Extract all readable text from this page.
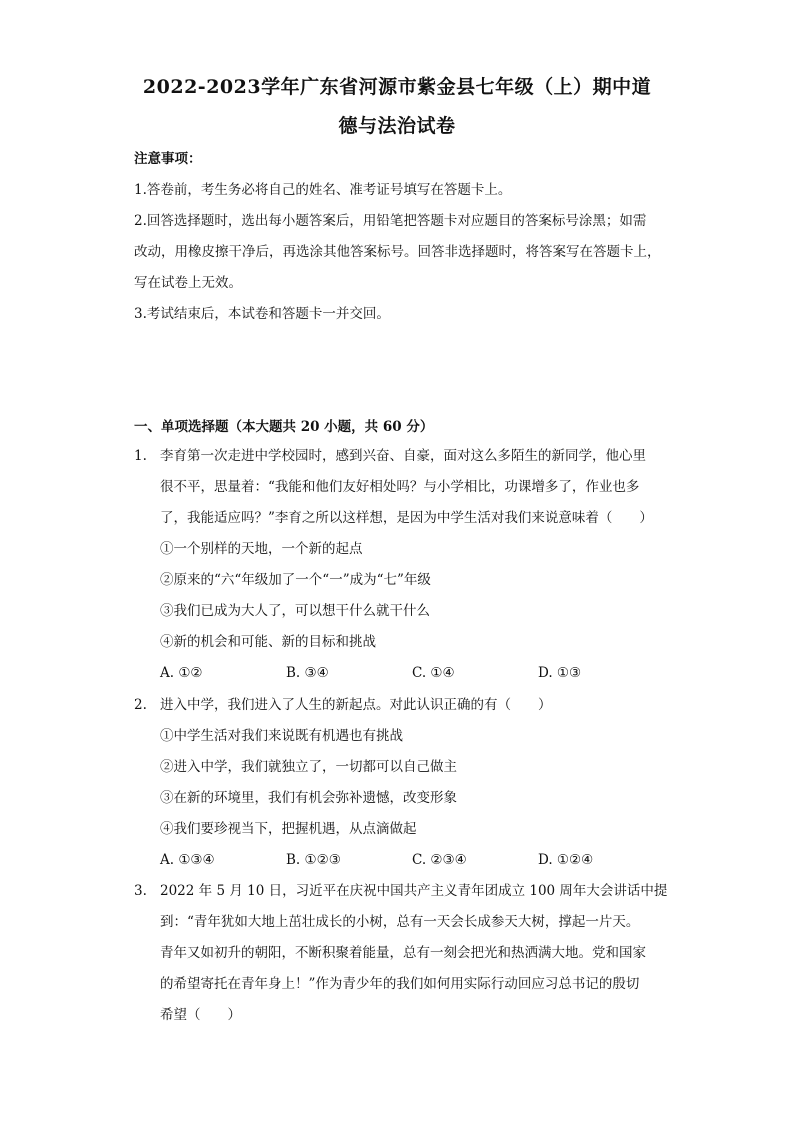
2022-2023学年广东省河源市紫金县七年级（上）期中道
德与法治试卷
注意事项：
1.答卷前，考生务必将自己的姓名、准考证号填写在答题卡上。
2.回答选择题时，选出每小题答案后，用铅笔把答题卡对应题目的答案标号涂黑；如需
改动，用橡皮擦干净后，再选涂其他答案标号。回答非选择题时，将答案写在答题卡上，
写在试卷上无效。
3.考试结束后，本试卷和答题卡一并交回。
一、单项选择题（本大题共 20 小题，共 60 分）
1. 李育第一次走进中学校园时，感到兴奋、自豪，面对这么多陌生的新同学，他心里
很不平，思量着：“我能和他们友好相处吗？与小学相比，功课增多了，作业也多
了，我能适应吗？”李育之所以这样想，是因为中学生活对我们来说意味着（　　）
①一个别样的天地，一个新的起点
②原来的“六“年级加了一个“一”成为“七”年级
③我们已成为大人了，可以想干什么就干什么
④新的机会和可能、新的目标和挑战
A. ①②	B. ③④	C. ①④	D. ①③
2. 进入中学，我们进入了人生的新起点。对此认识正确的有（　　）
①中学生活对我们来说既有机遇也有挑战
②进入中学，我们就独立了，一切都可以自己做主
③在新的环境里，我们有机会弥补遗憾，改变形象
④我们要珍视当下，把握机遇，从点滴做起
A. ①③④	B. ①②③	C. ②③④	D. ①②④
3. 2022 年 5 月 10 日，习近平在庆祝中国共产主义青年团成立 100 周年大会讲话中提
到：“青年犹如大地上茁壮成长的小树，总有一天会长成参天大树，撑起一片天。
青年又如初升的朝阳，不断积聚着能量，总有一刻会把光和热洒满大地。党和国家
的希望寄托在青年身上！”作为青少年的我们如何用实际行动回应习总书记的殷切
希望（　　）
